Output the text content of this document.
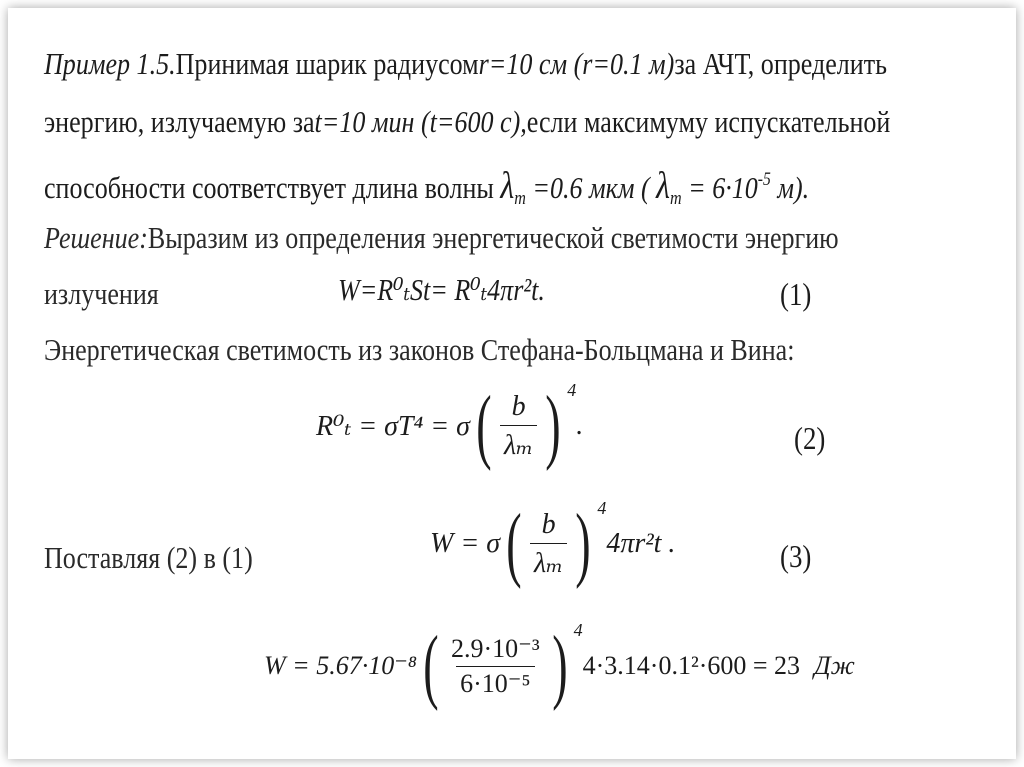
Пример 1.5. Принимая шарик радиусом r=10 см (r=0.1 м) за АЧТ, определить
энергию, излучаемую за t=10 мин (t=600 с), если максимуму испускательной
способности соответствует длина волны $\lambda_m =0.6$ мкм ( $\lambda_m = 6\cdot 10^{-5}$ м).
Решение: Выразим из определения энергетической светимости энергию
излучения	W=R⁰ₜSt= R⁰ₜ4πr²t.	(1)
Энергетическая светимость из законов Стефана-Больцмана и Вина:
R⁰ₜ = σT⁴ = σ ( $\frac{b}{\text{λₘ}}$ ) 4
.	(2)
Поставляя (2) в (1)	W = σ ( $\frac{b}{\text{λₘ}}$ ) 4
4πr²t .	(3)
W = 5.67·10⁻⁸ ( $\frac{\text{2.9·10⁻³}}{\text{6·10⁻⁵}}$ ) 4
4·3.14·0.1²·600 = 23 Дж
